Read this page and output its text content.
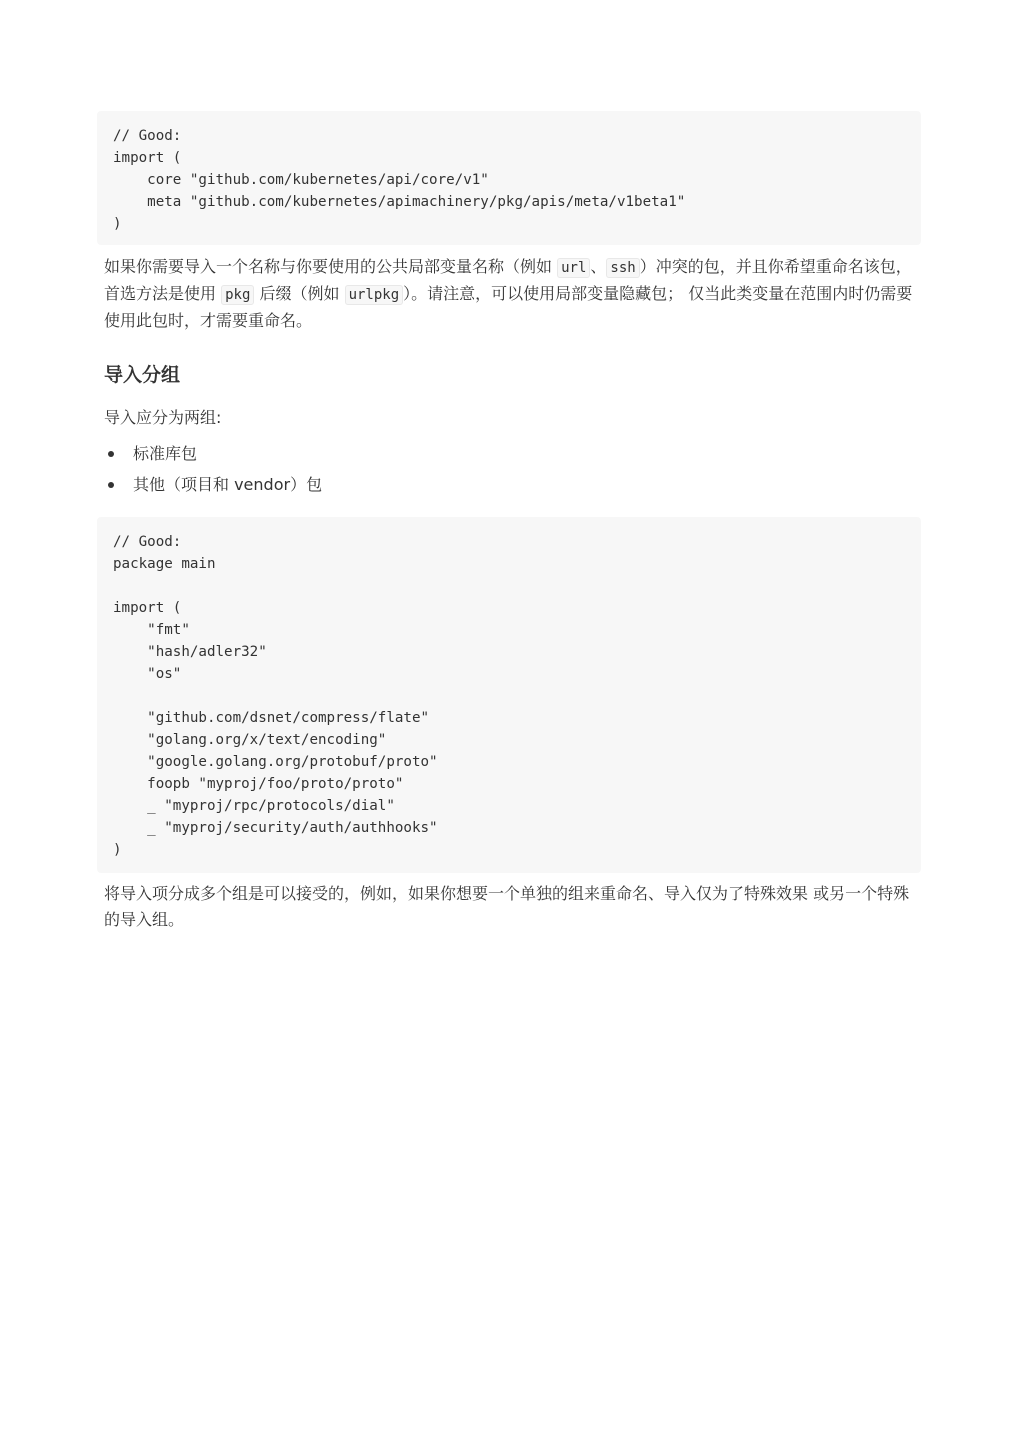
// Good:
import (
core "github.com/kubernetes/api/core/v1"
meta "github.com/kubernetes/apimachinery/pkg/apis/meta/v1beta1"
)

如果你需要导入一个名称与你要使用的公共局部变量名称（例如 url 、 ssh ）冲突的包，并且你希望重命名该包，首选方法是使用 pkg 后缀（例如 urlpkg ）。请注意，可以使用局部变量隐藏包； 仅当此类变量在范围内时仍需要使用此包时，才需要重命名。

导入分组

导入应分为两组:

标准库包
其他（项目和 vendor）包
// Good:
package main

import (
"fmt"
"hash/adler32"
"os"

"github.com/dsnet/compress/flate"
"golang.org/x/text/encoding"
"google.golang.org/protobuf/proto"
foopb "myproj/foo/proto/proto"
_ "myproj/rpc/protocols/dial"
_ "myproj/security/auth/authhooks"
)

将导入项分成多个组是可以接受的，例如，如果你想要一个单独的组来重命名、导入仅为了特殊效果 或另一个特殊的导入组。
